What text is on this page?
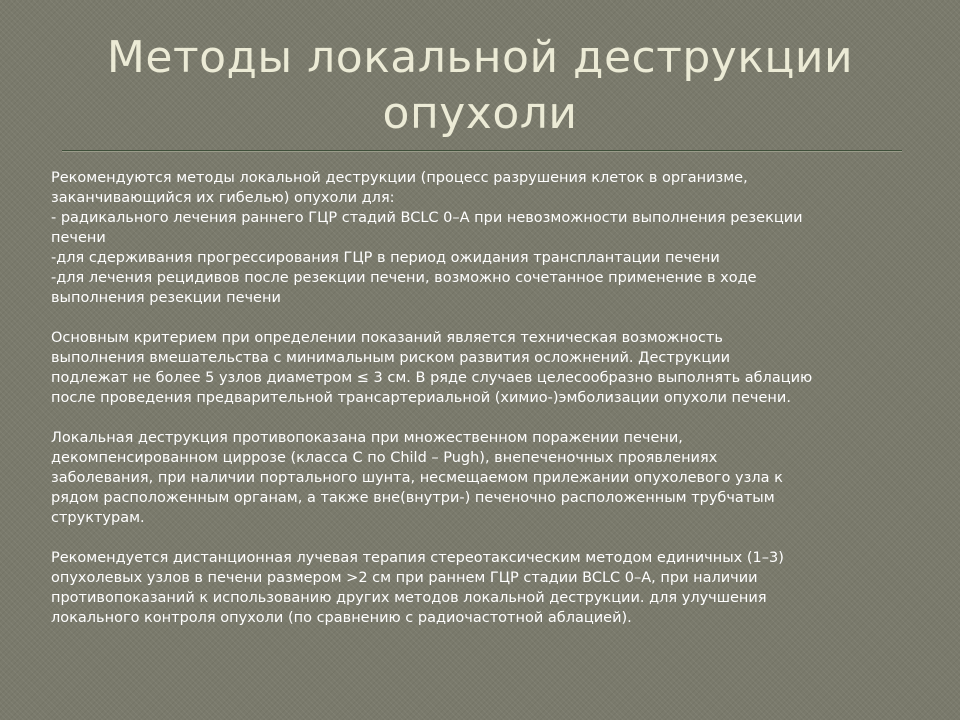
Методы локальной деструкции
опухоли

Рекомендуются методы локальной деструкции (процесс разрушения клеток в организме,
заканчивающийся их гибелью) опухоли для:
- радикального лечения раннего ГЦР стадий BCLC 0–A при невозможности выполнения резекции
печени
-для сдерживания прогрессирования ГЦР в период ожидания трансплантации печени
-для лечения рецидивов после резекции печени, возможно сочетанное применение в ходе
выполнения резекции печени

Основным критерием при определении показаний является техническая возможность
выполнения вмешательства с минимальным риском развития осложнений. Деструкции
подлежат не более 5 узлов диаметром ≤ 3 см. В ряде случаев целесообразно выполнять аблацию
после проведения предварительной трансартериальной (химио-)эмболизации опухоли печени.

Локальная деструкция противопоказана при множественном поражении печени,
декомпенсированном циррозе (класса C по Child – Pugh), внепеченочных проявлениях
заболевания, при наличии портального шунта, несмещаемом прилежании опухолевого узла к
рядом расположенным органам, а также вне(внутри-) печеночно расположенным трубчатым
структурам.

Рекомендуется дистанционная лучевая терапия стереотаксическим методом единичных (1–3)
опухолевых узлов в печени размером >2 см при раннем ГЦР стадии BCLC 0–A, при наличии
противопоказаний к использованию других методов локальной деструкции. для улучшения
локального контроля опухоли (по сравнению с радиочастотной аблацией).
